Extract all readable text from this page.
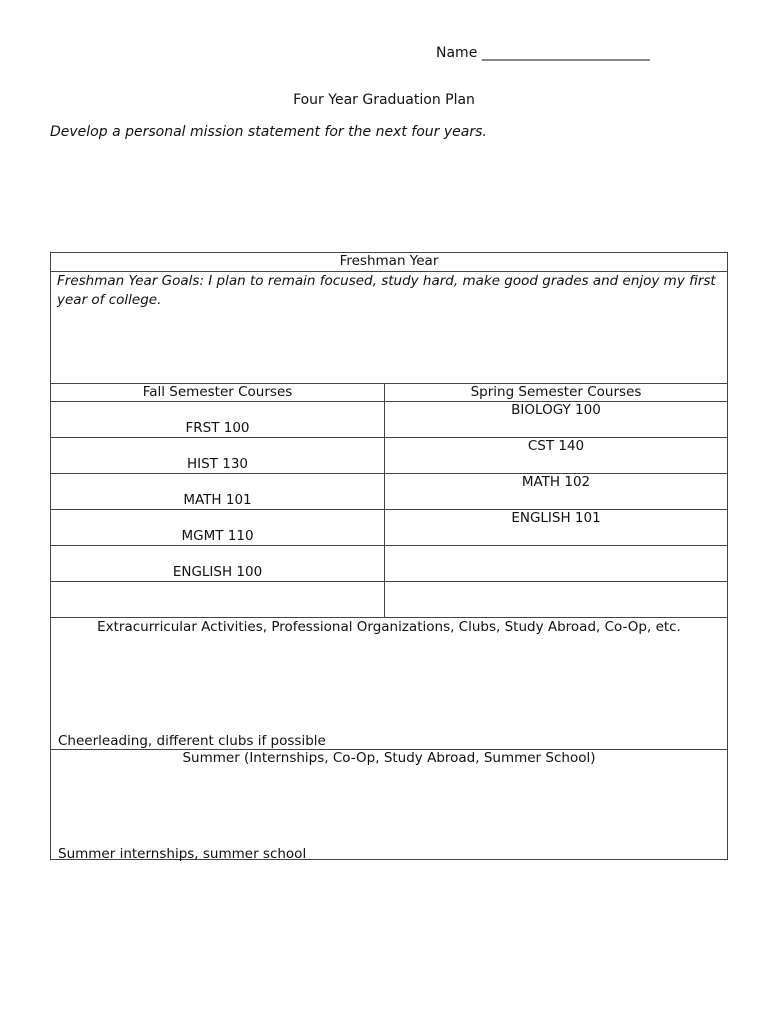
Name ________________________
Four Year Graduation Plan
Develop a personal mission statement for the next four years.
Freshman Year
Freshman Year Goals: I plan to remain focused, study hard, make good grades and enjoy my first year of college.
Fall Semester Courses	Spring Semester Courses
FRST 100
BIOLOGY 100
HIST 130
CST 140
MATH 101
MATH 102
MGMT 110
ENGLISH 101
ENGLISH 100
Extracurricular Activities, Professional Organizations, Clubs, Study Abroad, Co-Op, etc.
Cheerleading, different clubs if possible
Summer (Internships, Co-Op, Study Abroad, Summer School)
Summer internships, summer school
